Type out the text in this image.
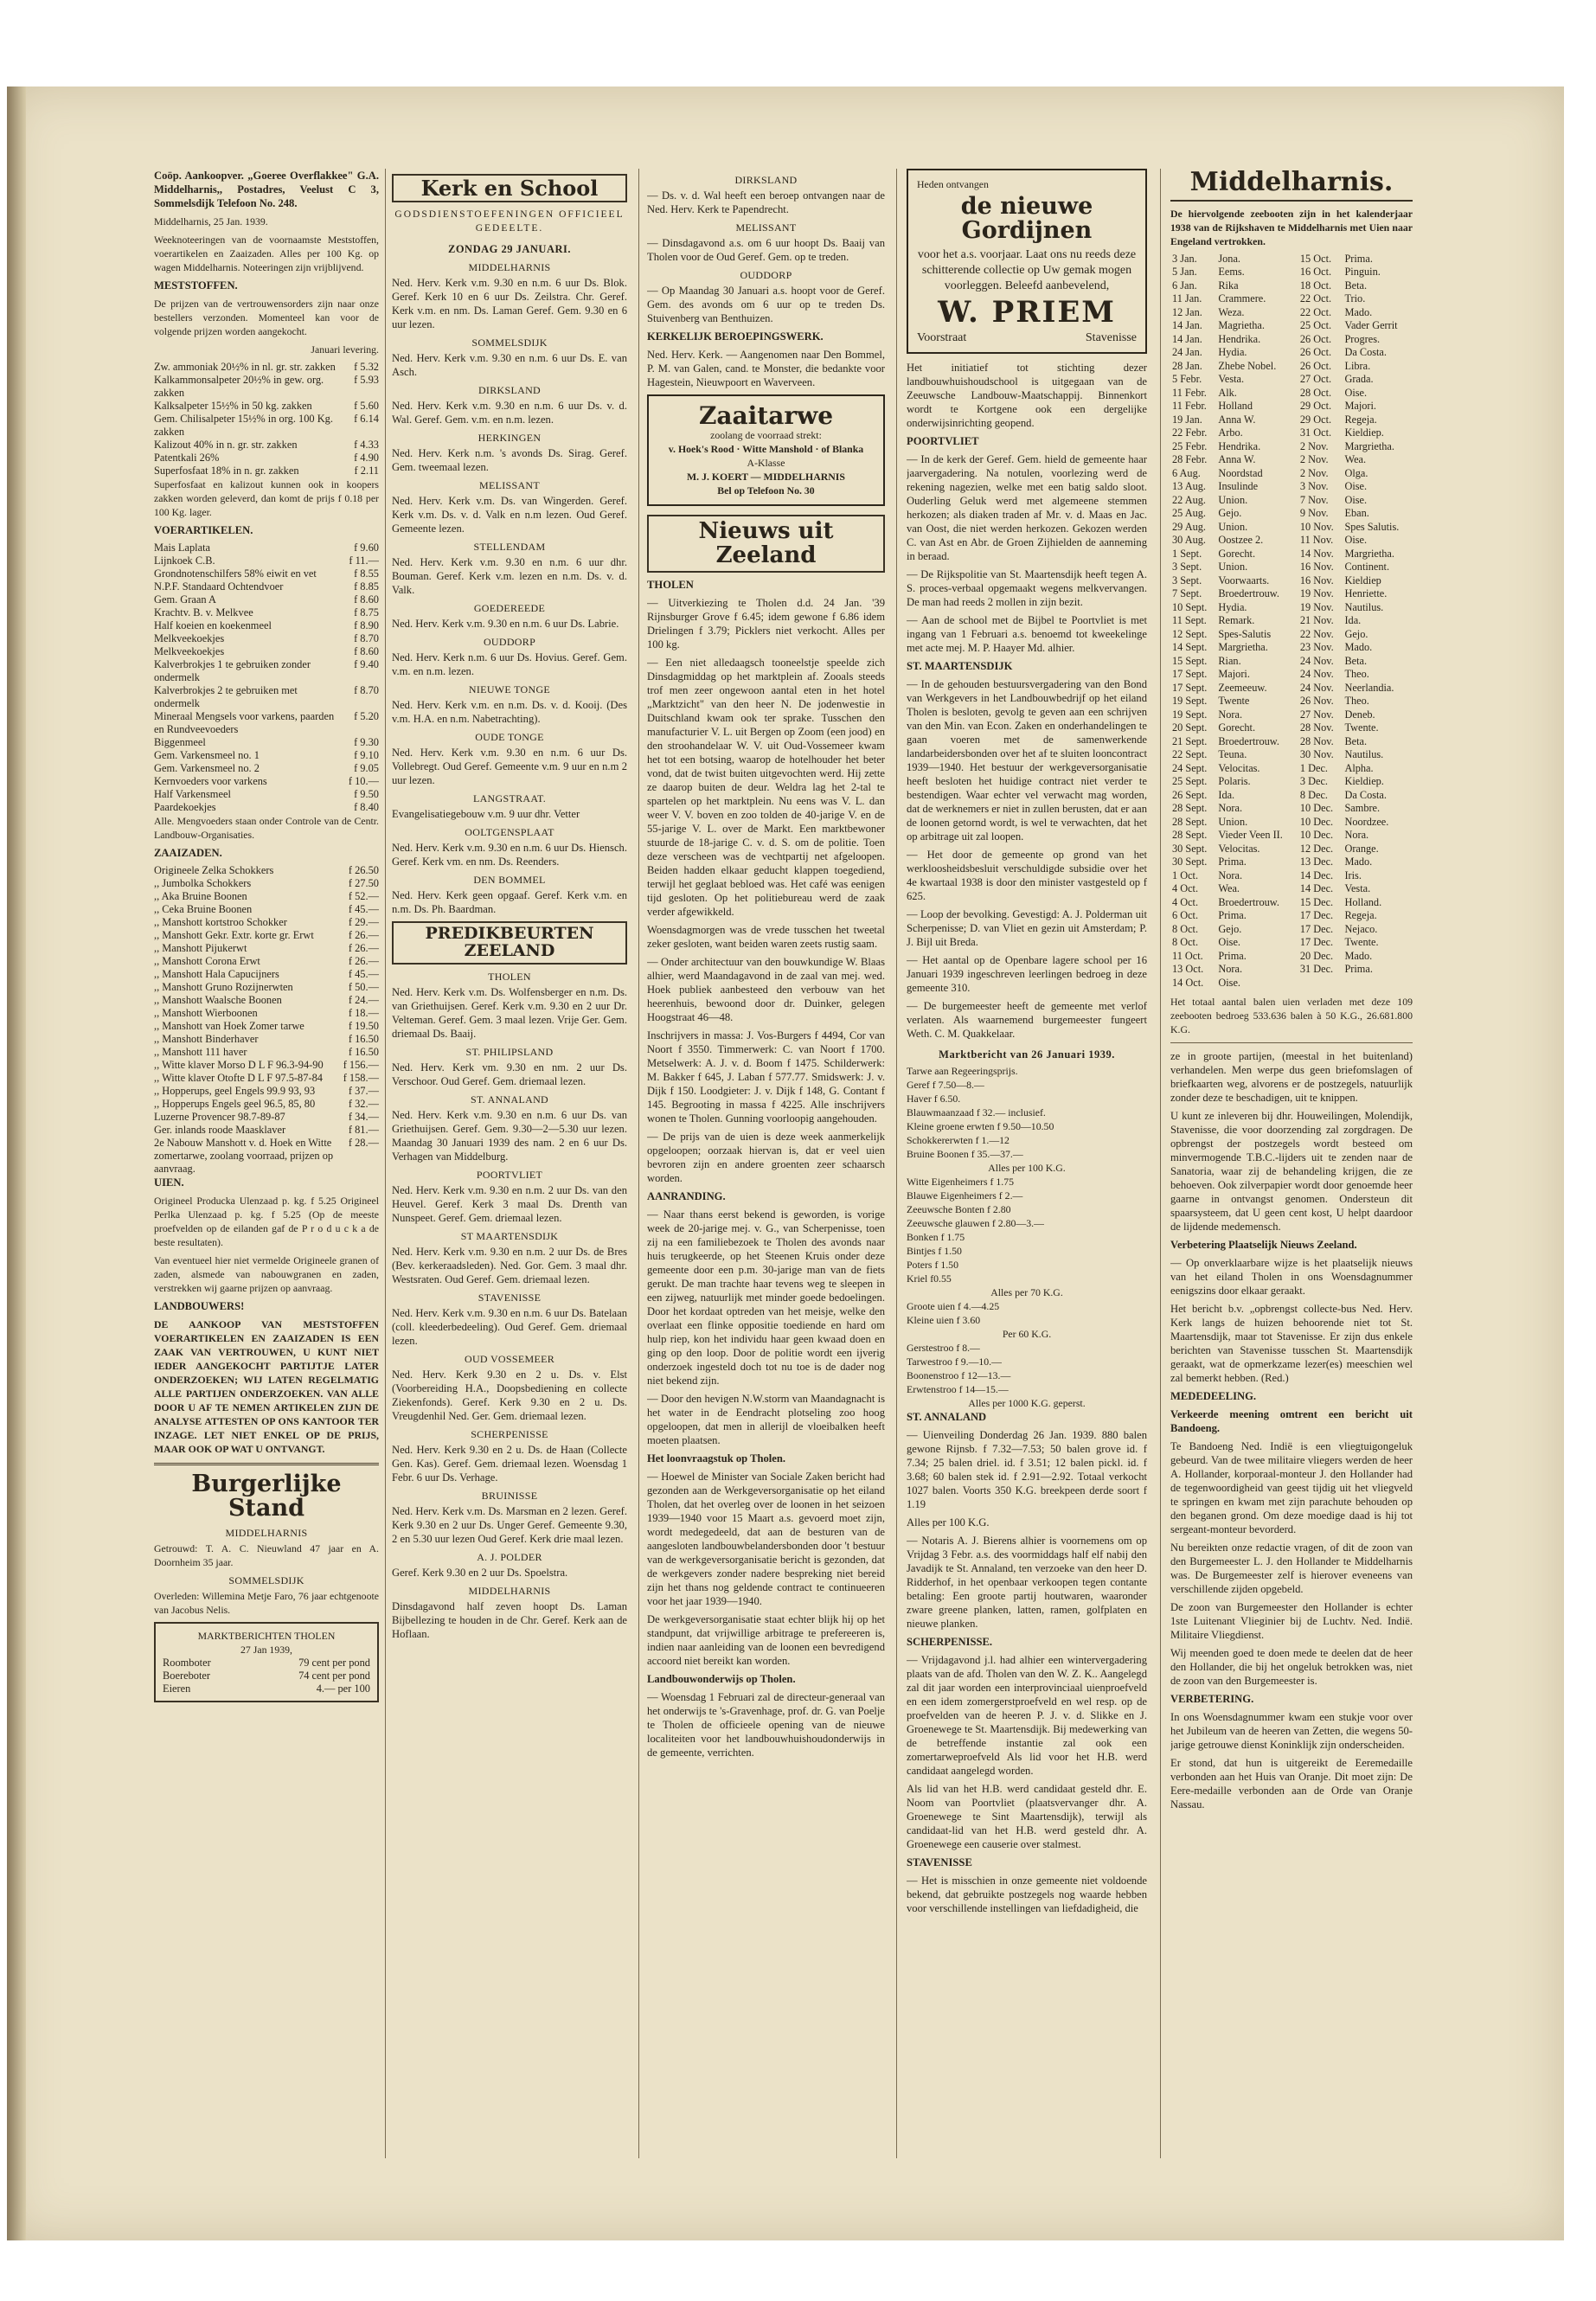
Coöp. Aankoopver. „Goeree Overflakkee" G.A. Middelharnis,, Postadres, Veelust C 3, Sommelsdijk Telefoon No. 248.

Middelharnis, 25 Jan. 1939.

Weeknoteeringen van de voornaamste Meststoffen, voerartikelen en Zaaizaden. Alles per 100 Kg. op wagen Middelharnis. Noteeringen zijn vrijblijvend.

MESTSTOFFEN.

De prijzen van de vertrouwensorders zijn naar onze bestellers verzonden. Momenteel kan voor de volgende prijzen worden aangekocht.

Januari levering.

Zw. ammoniak 20½% in nl. gr. str. zakken	f 5.32
Kalkammonsalpeter 20½% in gew. org. zakken	f 5.93
Kalksalpeter 15½% in 50 kg. zakken	f 5.60
Gem. Chilisalpeter 15½% in org. 100 Kg. zakken	f 6.14
Kalizout 40% in n. gr. str. zakken	f 4.33
Patentkali 26%	f 4.90
Superfosfaat 18% in n. gr. zakken	f 2.11

Superfosfaat en kalizout kunnen ook in koopers zakken worden geleverd, dan komt de prijs f 0.18 per 100 Kg. lager.

VOERARTIKELEN.

Mais Laplata	f 9.60
Lijnkoek C.B.	f 11.—
Grondnotenschilfers 58% eiwit en vet	f 8.55
N.P.F. Standaard Ochtendvoer	f 8.85
Gem. Graan A	f 8.60
Krachtv. B. v. Melkvee	f 8.75
Half koeien en koekenmeel	f 8.90
Melkveekoekjes	f 8.70
Melkveekoekjes	f 8.60
Kalverbrokjes 1 te gebruiken zonder ondermelk	f 9.40
Kalverbrokjes 2 te gebruiken met ondermelk	f 8.70
Mineraal Mengsels voor varkens, paarden en Rundveevoeders	f 5.20
Biggenmeel	f 9.30
Gem. Varkensmeel no. 1	f 9.10
Gem. Varkensmeel no. 2	f 9.05
Kernvoeders voor varkens	f 10.—
Half Varkensmeel	f 9.50
Paardekoekjes	f 8.40

Alle. Mengvoeders staan onder Controle van de Centr. Landbouw-Organisaties.

ZAAIZADEN.

Origineele Zelka Schokkers	f 26.50
,, Jumbolka Schokkers	f 27.50
,, Aka Bruine Boonen	f 52.—
,, Ceka Bruine Boonen	f 45.—
,, Manshott kortstroo Schokker	f 29.—
,, Manshott Gekr. Extr. korte gr. Erwt	f 26.—
,, Manshott Pijukerwt	f 26.—
,, Manshott Corona Erwt	f 26.—
,, Manshott Hala Capucijners	f 45.—
,, Manshott Gruno Rozijnerwten	f 50.—
,, Manshott Waalsche Boonen	f 24.—
,, Manshott Wierboonen	f 18.—
,, Manshott van Hoek Zomer tarwe	f 19.50
,, Manshott Binderhaver	f 16.50
,, Manshott 111 haver	f 16.50
,, Witte klaver Morso D L F 96.3-94-90	f 156.—
,, Witte klaver Otofte D L F 97.5-87-84	f 158.—
,, Hopperups, geel Engels 99.9 93, 93	f 37.—
,, Hopperups Engels geel 96.5, 85, 80	f 32.—
Luzerne Provencer 98.7-89-87	f 34.—
Ger. inlands roode Maasklaver	f 81.—
2e Nabouw Manshott v. d. Hoek en Witte zomertarwe, zoolang voorraad, prijzen op aanvraag.	f 28.—

UIEN.

Origineel Producka Ulenzaad p. kg. f 5.25 Origineel Perlka Ulenzaad p. kg. f 5.25 (Op de meeste proefvelden op de eilanden gaf de P r o d u c k a de beste resultaten).

Van eventueel hier niet vermelde Origineele granen of zaden, alsmede van nabouwgranen en zaden, verstrekken wij gaarne prijzen op aanvraag.

LANDBOUWERS!

DE AANKOOP VAN MESTSTOFFEN VOERARTIKELEN EN ZAAIZADEN IS EEN ZAAK VAN VERTROUWEN, U KUNT NIET IEDER AANGEKOCHT PARTIJTJE LATER ONDERZOEKEN; WIJ LATEN REGELMATIG ALLE PARTIJEN ONDERZOEKEN. VAN ALLE DOOR U AF TE NEMEN ARTIKELEN ZIJN DE ANALYSE ATTESTEN OP ONS KANTOOR TER INZAGE. LET NIET ENKEL OP DE PRIJS, MAAR OOK OP WAT U ONTVANGT.

Burgerlijke Stand
MIDDELHARNIS

Getrouwd: T. A. C. Nieuwland 47 jaar en A. Doornheim 35 jaar.

SOMMELSDIJK

Overleden: Willemina Metje Faro, 76 jaar echtgenoote van Jacobus Nelis.

MARKTBERICHTEN THOLEN
27 Jan 1939,
Roomboter	79 cent per pond
Boereboter	74 cent per pond
Eieren	4.— per 100
Kerk en School
GODSDIENSTOEFENINGEN OFFICIEEL GEDEELTE.
ZONDAG 29 JANUARI.
MIDDELHARNIS

Ned. Herv. Kerk v.m. 9.30 en n.m. 6 uur Ds. Blok. Geref. Kerk 10 en 6 uur Ds. Zeilstra. Chr. Geref. Kerk v.m. en nm. Ds. Laman Geref. Gem. 9.30 en 6 uur lezen.

SOMMELSDIJK

Ned. Herv. Kerk v.m. 9.30 en n.m. 6 uur Ds. E. van Asch.

DIRKSLAND

Ned. Herv. Kerk v.m. 9.30 en n.m. 6 uur Ds. v. d. Wal. Geref. Gem. v.m. en n.m. lezen.

HERKINGEN

Ned. Herv. Kerk n.m. 's avonds Ds. Sirag. Geref. Gem. tweemaal lezen.

MELISSANT

Ned. Herv. Kerk v.m. Ds. van Wingerden. Geref. Kerk v.m. Ds. v. d. Valk en n.m lezen. Oud Geref. Gemeente lezen.

STELLENDAM

Ned. Herv. Kerk v.m. 9.30 en n.m. 6 uur dhr. Bouman. Geref. Kerk v.m. lezen en n.m. Ds. v. d. Valk.

GOEDEREEDE

Ned. Herv. Kerk v.m. 9.30 en n.m. 6 uur Ds. Labrie.

OUDDORP

Ned. Herv. Kerk n.m. 6 uur Ds. Hovius. Geref. Gem. v.m. en n.m. lezen.

NIEUWE TONGE

Ned. Herv. Kerk v.m. en n.m. Ds. v. d. Kooij. (Des v.m. H.A. en n.m. Nabetrachting).

OUDE TONGE

Ned. Herv. Kerk v.m. 9.30 en n.m. 6 uur Ds. Vollebregt. Oud Geref. Gemeente v.m. 9 uur en n.m 2 uur lezen.

LANGSTRAAT.

Evangelisatiegebouw v.m. 9 uur dhr. Vetter

OOLTGENSPLAAT

Ned. Herv. Kerk v.m. 9.30 en n.m. 6 uur Ds. Hiensch. Geref. Kerk vm. en nm. Ds. Reenders.

DEN BOMMEL

Ned. Herv. Kerk geen opgaaf. Geref. Kerk v.m. en n.m. Ds. Ph. Baardman.

PREDIKBEURTEN ZEELAND
THOLEN

Ned. Herv. Kerk v.m. Ds. Wolfensberger en n.m. Ds. van Griethuijsen. Geref. Kerk v.m. 9.30 en 2 uur Dr. Velteman. Geref. Gem. 3 maal lezen. Vrije Ger. Gem. driemaal Ds. Baaij.

ST. PHILIPSLAND

Ned. Herv. Kerk vm. 9.30 en nm. 2 uur Ds. Verschoor. Oud Geref. Gem. driemaal lezen.

ST. ANNALAND

Ned. Herv. Kerk v.m. 9.30 en n.m. 6 uur Ds. van Griethuijsen. Geref. Gem. 9.30—2—5.30 uur lezen. Maandag 30 Januari 1939 des nam. 2 en 6 uur Ds. Verhagen van Middelburg.

POORTVLIET

Ned. Herv. Kerk v.m. 9.30 en n.m. 2 uur Ds. van den Heuvel. Geref. Kerk 3 maal Ds. Drenth van Nunspeet. Geref. Gem. driemaal lezen.

ST MAARTENSDIJK

Ned. Herv. Kerk v.m. 9.30 en n.m. 2 uur Ds. de Bres (Bev. kerkeraadsleden). Ned. Gor. Gem. 3 maal dhr. Westsraten. Oud Geref. Gem. driemaal lezen.

STAVENISSE

Ned. Herv. Kerk v.m. 9.30 en n.m. 6 uur Ds. Batelaan (coll. kleederbedeeling). Oud Geref. Gem. driemaal lezen.

OUD VOSSEMEER

Ned. Herv. Kerk 9.30 en 2 u. Ds. v. Elst (Voorbereiding H.A., Doopsbediening en collecte Ziekenfonds). Geref. Kerk 9.30 en 2 u. Ds. Vreugdenhil Ned. Ger. Gem. driemaal lezen.

SCHERPENISSE

Ned. Herv. Kerk 9.30 en 2 u. Ds. de Haan (Collecte Gen. Kas). Geref. Gem. driemaal lezen. Woensdag 1 Febr. 6 uur Ds. Verhage.

BRUINISSE

Ned. Herv. Kerk v.m. Ds. Marsman en 2 lezen. Geref. Kerk 9.30 en 2 uur Ds. Unger Geref. Gemeente 9.30, 2 en 5.30 uur lezen Oud Geref. Kerk drie maal lezen.

A. J. POLDER

Geref. Kerk 9.30 en 2 uur Ds. Spoelstra.

MIDDELHARNIS

Dinsdagavond half zeven hoopt Ds. Laman Bijbellezing te houden in de Chr. Geref. Kerk aan de Hoflaan.

DIRKSLAND

— Ds. v. d. Wal heeft een beroep ontvangen naar de Ned. Herv. Kerk te Papendrecht.

MELISSANT

— Dinsdagavond a.s. om 6 uur hoopt Ds. Baaij van Tholen voor de Oud Geref. Gem. op te treden.

OUDDORP

— Op Maandag 30 Januari a.s. hoopt voor de Geref. Gem. des avonds om 6 uur op te treden Ds. Stuivenberg van Benthuizen.

KERKELIJK BEROEPINGSWERK.

Ned. Herv. Kerk. — Aangenomen naar Den Bommel, P. M. van Galen, cand. te Monster, die bedankte voor Hagestein, Nieuwpoort en Waverveen.

Zaaitarwe
zoolang de voorraad strekt:
v. Hoek's Rood · Witte Manshold · of Blanka
A-Klasse
M. J. KOERT — MIDDELHARNIS
Bel op Telefoon No. 30
Nieuws uit Zeeland

THOLEN

— Uitverkiezing te Tholen d.d. 24 Jan. '39 Rijnsburger Grove f 6.45; idem gewone f 6.86 idem Drielingen f 3.79; Picklers niet verkocht. Alles per 100 kg.

— Een niet alledaagsch tooneelstje speelde zich Dinsdagmiddag op het marktplein af. Zooals steeds trof men zeer ongewoon aantal eten in het hotel „Marktzicht" van den heer N. De jodenwestie in Duitschland kwam ook ter sprake. Tusschen den manufacturier V. L. uit Bergen op Zoom (een jood) en den stroohandelaar W. V. uit Oud-Vossemeer kwam het tot een botsing, waarop de hotelhouder het beter vond, dat de twist buiten uitgevochten werd. Hij zette ze daarop buiten de deur. Weldra lag het 2-tal te spartelen op het marktplein. Nu eens was V. L. dan weer V. V. boven en zoo tolden de 40-jarige V. en de 55-jarige V. L. over de Markt. Een marktbewoner stuurde de 18-jarige C. v. d. S. om de politie. Toen deze verscheen was de vechtpartij net afgeloopen. Beiden hadden elkaar geducht klappen toegediend, terwijl het geglaat bebloed was. Het café was eenigen tijd gesloten. Op het politiebureau werd de zaak verder afgewikkeld.

Woensdagmorgen was de vrede tusschen het tweetal zeker gesloten, want beiden waren zeets rustig saam.

— Onder architectuur van den bouwkundige W. Blaas alhier, werd Maandagavond in de zaal van mej. wed. Hoek publiek aanbesteed den verbouw van het heerenhuis, bewoond door dr. Duinker, gelegen Hoogstraat 46—48.

Inschrijvers in massa: J. Vos-Burgers f 4494, Cor van Noort f 3550. Timmerwerk: C. van Noort f 1700. Metselwerk: A. J. v. d. Boom f 1475. Schilderwerk: M. Bakker f 645, J. Laban f 577.77. Smidswerk: J. v. Dijk f 150. Loodgieter: J. v. Dijk f 148, G. Contant f 145. Begrooting in massa f 4225. Alle inschrijvers wonen te Tholen. Gunning voorloopig aangehouden.

— De prijs van de uien is deze week aanmerkelijk opgeloopen; oorzaak hiervan is, dat er veel uien bevroren zijn en andere groenten zeer schaarsch worden.

AANRANDING.

— Naar thans eerst bekend is geworden, is vorige week de 20-jarige mej. v. G., van Scherpenisse, toen zij na een familiebezoek te Tholen des avonds naar huis terugkeerde, op het Steenen Kruis onder deze gemeente door een p.m. 30-jarige man van de fiets gerukt. De man trachte haar tevens weg te sleepen in een zijweg, natuurlijk met minder goede bedoelingen. Door het kordaat optreden van het meisje, welke den overlaat een flinke oppositie toediende en hard om hulp riep, kon het individu haar geen kwaad doen en ging op den loop. Door de politie wordt een ijverig onderzoek ingesteld doch tot nu toe is de dader nog niet bekend zijn.

— Door den hevigen N.W.storm van Maandagnacht is het water in de Eendracht plotseling zoo hoog opgeloopen, dat men in allerijl de vloeibalken heeft moeten plaatsen.

Het loonvraagstuk op Tholen.

— Hoewel de Minister van Sociale Zaken bericht had gezonden aan de Werkgeversorganisatie op het eiland Tholen, dat het overleg over de loonen in het seizoen 1939—1940 voor 15 Maart a.s. gevoerd moet zijn, wordt medegedeeld, dat aan de besturen van de aangesloten landbouwbelandersbonden door 't bestuur van de werkgeversorganisatie bericht is gezonden, dat de werkgevers zonder nadere bespreking niet bereid zijn het thans nog geldende contract te continueeren voor het jaar 1939—1940.

De werkgeversorganisatie staat echter blijk hij op het standpunt, dat vrijwillige arbitrage te prefereeren is, indien naar aanleiding van de loonen een bevredigend accoord niet bereikt kan worden.

Landbouwonderwijs op Tholen.

— Woensdag 1 Februari zal de directeur-generaal van het onderwijs te 's-Gravenhage, prof. dr. G. van Poelje te Tholen de officieele opening van de nieuwe localiteiten voor het landbouwhuishoudonderwijs in de gemeente, verrichten.

Heden ontvangen
de nieuwe Gordijnen
voor het a.s. voorjaar. Laat ons nu reeds deze schitterende collectie op Uw gemak mogen voorleggen. Beleefd aanbevelend,
W. PRIEM
Voorstraat	Stavenisse

Het initiatief tot stichting dezer landbouwhuishoudschool is uitgegaan van de Zeeuwsche Landbouw-Maatschappij. Binnenkort wordt te Kortgene ook een dergelijke onderwijsinrichting geopend.

POORTVLIET

— In de kerk der Geref. Gem. hield de gemeente haar jaarvergadering. Na notulen, voorlezing werd de rekening nagezien, welke met een batig saldo sloot. Ouderling Geluk werd met algemeene stemmen herkozen; als diaken traden af Mr. v. d. Maas en Jac. van Oost, die niet werden herkozen. Gekozen werden C. van Ast en Abr. de Groen Zijhielden de aanneming in beraad.

— De Rijkspolitie van St. Maartensdijk heeft tegen A. S. proces-verbaal opgemaakt wegens melkvervangen. De man had reeds 2 mollen in zijn bezit.

— Aan de school met de Bijbel te Poortvliet is met ingang van 1 Februari a.s. benoemd tot kweekelinge met acte mej. M. P. Haayer Md. alhier.

ST. MAARTENSDIJK

— In de gehouden bestuursvergadering van den Bond van Werkgevers in het Landbouwbedrijf op het eiland Tholen is besloten, gevolg te geven aan een schrijven van den Min. van Econ. Zaken en onderhandelingen te gaan voeren met de samenwerkende landarbeidersbonden over het af te sluiten looncontract 1939—1940. Het bestuur der werkgeversorganisatie heeft besloten het huidige contract niet verder te bestendigen. Waar echter vel verwacht mag worden, dat de werknemers er niet in zullen berusten, dat er aan de loonen getornd wordt, is wel te verwachten, dat het op arbitrage uit zal loopen.

— Het door de gemeente op grond van het werkloosheidsbesluit verschuldigde subsidie over het 4e kwartaal 1938 is door den minister vastgesteld op f 625.

— Loop der bevolking. Gevestigd: A. J. Polderman uit Scherpenisse; D. van Vliet en gezin uit Amsterdam; P. J. Bijl uit Breda.

— Het aantal op de Openbare lagere school per 16 Januari 1939 ingeschreven leerlingen bedroeg in deze gemeente 310.

— De burgemeester heeft de gemeente met verlof verlaten. Als waarnemend burgemeester fungeert Weth. C. M. Quakkelaar.

Marktbericht van 26 Januari 1939.
Tarwe aan Regeeringsprijs.
Geref f 7.50—8.—
Haver f 6.50.
Blauwmaanzaad f 32.— inclusief.
Kleine groene erwten f 9.50—10.50
Schokkererwten f 1.—12
Bruine Boonen f 35.—37.—
Alles per 100 K.G.
Witte Eigenheimers f 1.75
Blauwe Eigenheimers f 2.—
Zeeuwsche Bonten f 2.80
Zeeuwsche glauwen f 2.80—3.—
Bonken f 1.75
Bintjes f 1.50
Poters f 1.50
Kriel f0.55
Alles per 70 K.G.
Groote uien f 4.—4.25
Kleine uien f 3.60
Per 60 K.G.
Gerstestroo f 8.—
Tarwestroo f 9.—10.—
Boonenstroo f 12—13.—
Erwtenstroo f 14—15.—
Alles per 1000 K.G. geperst.

ST. ANNALAND

— Uienveiling Donderdag 26 Jan. 1939. 880 balen gewone Rijnsb. f 7.32—7.53; 50 balen grove id. f 7.34; 25 balen driel. id. f 3.51; 12 balen pickl. id. f 3.68; 60 balen stek id. f 2.91—2.92. Totaal verkocht 1027 balen. Voorts 350 K.G. breekpeen derde soort f 1.19

Alles per 100 K.G.

— Notaris A. J. Bierens alhier is voornemens om op Vrijdag 3 Febr. a.s. des voormiddags half elf nabij den Javadijk te St. Annaland, ten verzoeke van den heer D. Ridderhof, in het openbaar verkoopen tegen contante betaling: Een groote partij houtwaren, waaronder zware greene planken, latten, ramen, golfplaten en nieuwe planken.

SCHERPENISSE.

— Vrijdagavond j.l. had alhier een wintervergadering plaats van de afd. Tholen van den W. Z. K.. Aangelegd zal dit jaar worden een interprovinciaal uienproefveld en een idem zomergerstproefveld en wel resp. op de proefvelden van de heeren P. J. v. d. Slikke en J. Groenewege te St. Maartensdijk. Bij medewerking van de betreffende instantie zal ook een zomertarweproefveld Als lid voor het H.B. werd candidaat aangelegd worden.

Als lid van het H.B. werd candidaat gesteld dhr. E. Noom van Poortvliet (plaatsvervanger dhr. A. Groenewege te Sint Maartensdijk), terwijl als candidaat-lid van het H.B. werd gesteld dhr. A. Groenewege een causerie over stalmest.

STAVENISSE

— Het is misschien in onze gemeente niet voldoende bekend, dat gebruikte postzegels nog waarde hebben voor verschillende instellingen van liefdadigheid, die

Middelharnis.

De hiervolgende zeebooten zijn in het kalenderjaar 1938 van de Rijkshaven te Middelharnis met Uien naar Engeland vertrokken.

3 Jan.	Jona.	15 Oct.	Prima.
5 Jan.	Eems.	16 Oct.	Pinguin.
6 Jan.	Rika	18 Oct.	Beta.
11 Jan.	Crammere.	22 Oct.	Trio.
12 Jan.	Weza.	22 Oct.	Mado.
14 Jan.	Magrietha.	25 Oct.	Vader Gerrit
14 Jan.	Hendrika.	26 Oct.	Progres.
24 Jan.	Hydia.	26 Oct.	Da Costa.
28 Jan.	Zhebe Nobel.	26 Oct.	Libra.
5 Febr.	Vesta.	27 Oct.	Grada.
11 Febr.	Alk.	28 Oct.	Oise.
11 Febr.	Holland	29 Oct.	Majori.
19 Jan.	Anna W.	29 Oct.	Regeja.
22 Febr.	Arbo.	31 Oct.	Kieldiep.
25 Febr.	Hendrika.	2 Nov.	Margrietha.
28 Febr.	Anna W.	2 Nov.	Wea.
6 Aug.	Noordstad	2 Nov.	Olga.
13 Aug.	Insulinde	3 Nov.	Oise.
22 Aug.	Union.	7 Nov.	Oise.
25 Aug.	Gejo.	9 Nov.	Eban.
29 Aug.	Union.	10 Nov.	Spes Salutis.
30 Aug.	Oostzee 2.	11 Nov.	Oise.
1 Sept.	Gorecht.	14 Nov.	Margrietha.
3 Sept.	Union.	16 Nov.	Continent.
3 Sept.	Voorwaarts.	16 Nov.	Kieldiep
7 Sept.	Broedertrouw.	19 Nov.	Henriette.
10 Sept.	Hydia.	19 Nov.	Nautilus.
11 Sept.	Remark.	21 Nov.	Ida.
12 Sept.	Spes-Salutis	22 Nov.	Gejo.
14 Sept.	Margrietha.	23 Nov.	Mado.
15 Sept.	Rian.	24 Nov.	Beta.
17 Sept.	Majori.	24 Nov.	Theo.
17 Sept.	Zeemeeuw.	24 Nov.	Neerlandia.
19 Sept.	Twente	26 Nov.	Theo.
19 Sept.	Nora.	27 Nov.	Deneb.
20 Sept.	Gorecht.	28 Nov.	Twente.
21 Sept.	Broedertrouw.	28 Nov.	Beta.
22 Sept.	Teuna.	30 Nov.	Nautilus.
24 Sept.	Velocitas.	1 Dec.	Alpha.
25 Sept.	Polaris.	3 Dec.	Kieldiep.
26 Sept.	Ida.	8 Dec.	Da Costa.
28 Sept.	Nora.	10 Dec.	Sambre.
28 Sept.	Union.	10 Dec.	Noordzee.
28 Sept.	Vieder Veen II.	10 Dec.	Nora.
30 Sept.	Velocitas.	12 Dec.	Orange.
30 Sept.	Prima.	13 Dec.	Mado.
1 Oct.	Nora.	14 Dec.	Iris.
4 Oct.	Wea.	14 Dec.	Vesta.
4 Oct.	Broedertrouw.	15 Dec.	Holland.
6 Oct.	Prima.	17 Dec.	Regeja.
8 Oct.	Gejo.	17 Dec.	Nejaco.
8 Oct.	Oise.	17 Dec.	Twente.
11 Oct.	Prima.	20 Dec.	Mado.
13 Oct.	Nora.	31 Dec.	Prima.
14 Oct.	Oise.		

Het totaal aantal balen uien verladen met deze 109 zeebooten bedroeg 533.636 balen à 50 K.G., 26.681.800 K.G.

ze in groote partijen, (meestal in het buitenland) verhandelen. Men werpe dus geen briefomslagen of briefkaarten weg, alvorens er de postzegels, natuurlijk zonder deze te beschadigen, uit te knippen.

U kunt ze inleveren bij dhr. Houweilingen, Molendijk, Stavenisse, die voor doorzending zal zorgdragen. De opbrengst der postzegels wordt besteed om minvermogende T.B.C.-lijders uit te zenden naar de Sanatoria, waar zij de behandeling krijgen, die ze behoeven. Ook zilverpapier wordt door genoemde heer gaarne in ontvangst genomen. Ondersteun dit spaarsysteem, dat U geen cent kost, U helpt daardoor de lijdende medemensch.

Verbetering Plaatselijk Nieuws Zeeland.

— Op onverklaarbare wijze is het plaatselijk nieuws van het eiland Tholen in ons Woensdagnummer eenigszins door elkaar geraakt.

Het bericht b.v. „opbrengst collecte-bus Ned. Herv. Kerk langs de huizen behoorende niet tot St. Maartensdijk, maar tot Stavenisse. Er zijn dus enkele berichten van Stavenisse tusschen St. Maartensdijk geraakt, wat de opmerkzame lezer(es) meeschien wel zal bemerkt hebben. (Red.)

MEDEDEELING.

Verkeerde meening omtrent een bericht uit Bandoeng.

Te Bandoeng Ned. Indië is een vliegtuigongeluk gebeurd. Van de twee militaire vliegers werden de heer A. Hollander, korporaal-monteur J. den Hollander had de tegenwoordigheid van geest tijdig uit het vliegveld te springen en kwam met zijn parachute behouden op den beganen grond. Om deze moedige daad is hij tot sergeant-monteur bevorderd.

Nu bereikten onze redactie vragen, of dit de zoon van den Burgemeester L. J. den Hollander te Middelharnis was. De Burgemeester zelf is hierover eveneens van verschillende zijden opgebeld.

De zoon van Burgemeester den Hollander is echter 1ste Luitenant Vlieginier bij de Luchtv. Ned. Indië. Militaire Vliegdienst.

Wij meenden goed te doen mede te deelen dat de heer den Hollander, die bij het ongeluk betrokken was, niet de zoon van den Burgemeester is.

VERBETERING.

In ons Woensdagnummer kwam een stukje voor over het Jubileum van de heeren van Zetten, die wegens 50-jarige getrouwe dienst Koninklijk zijn onderscheiden.

Er stond, dat hun is uitgereikt de Eeremedaille verbonden aan het Huis van Oranje. Dit moet zijn: De Eere-medaille verbonden aan de Orde van Oranje Nassau.
